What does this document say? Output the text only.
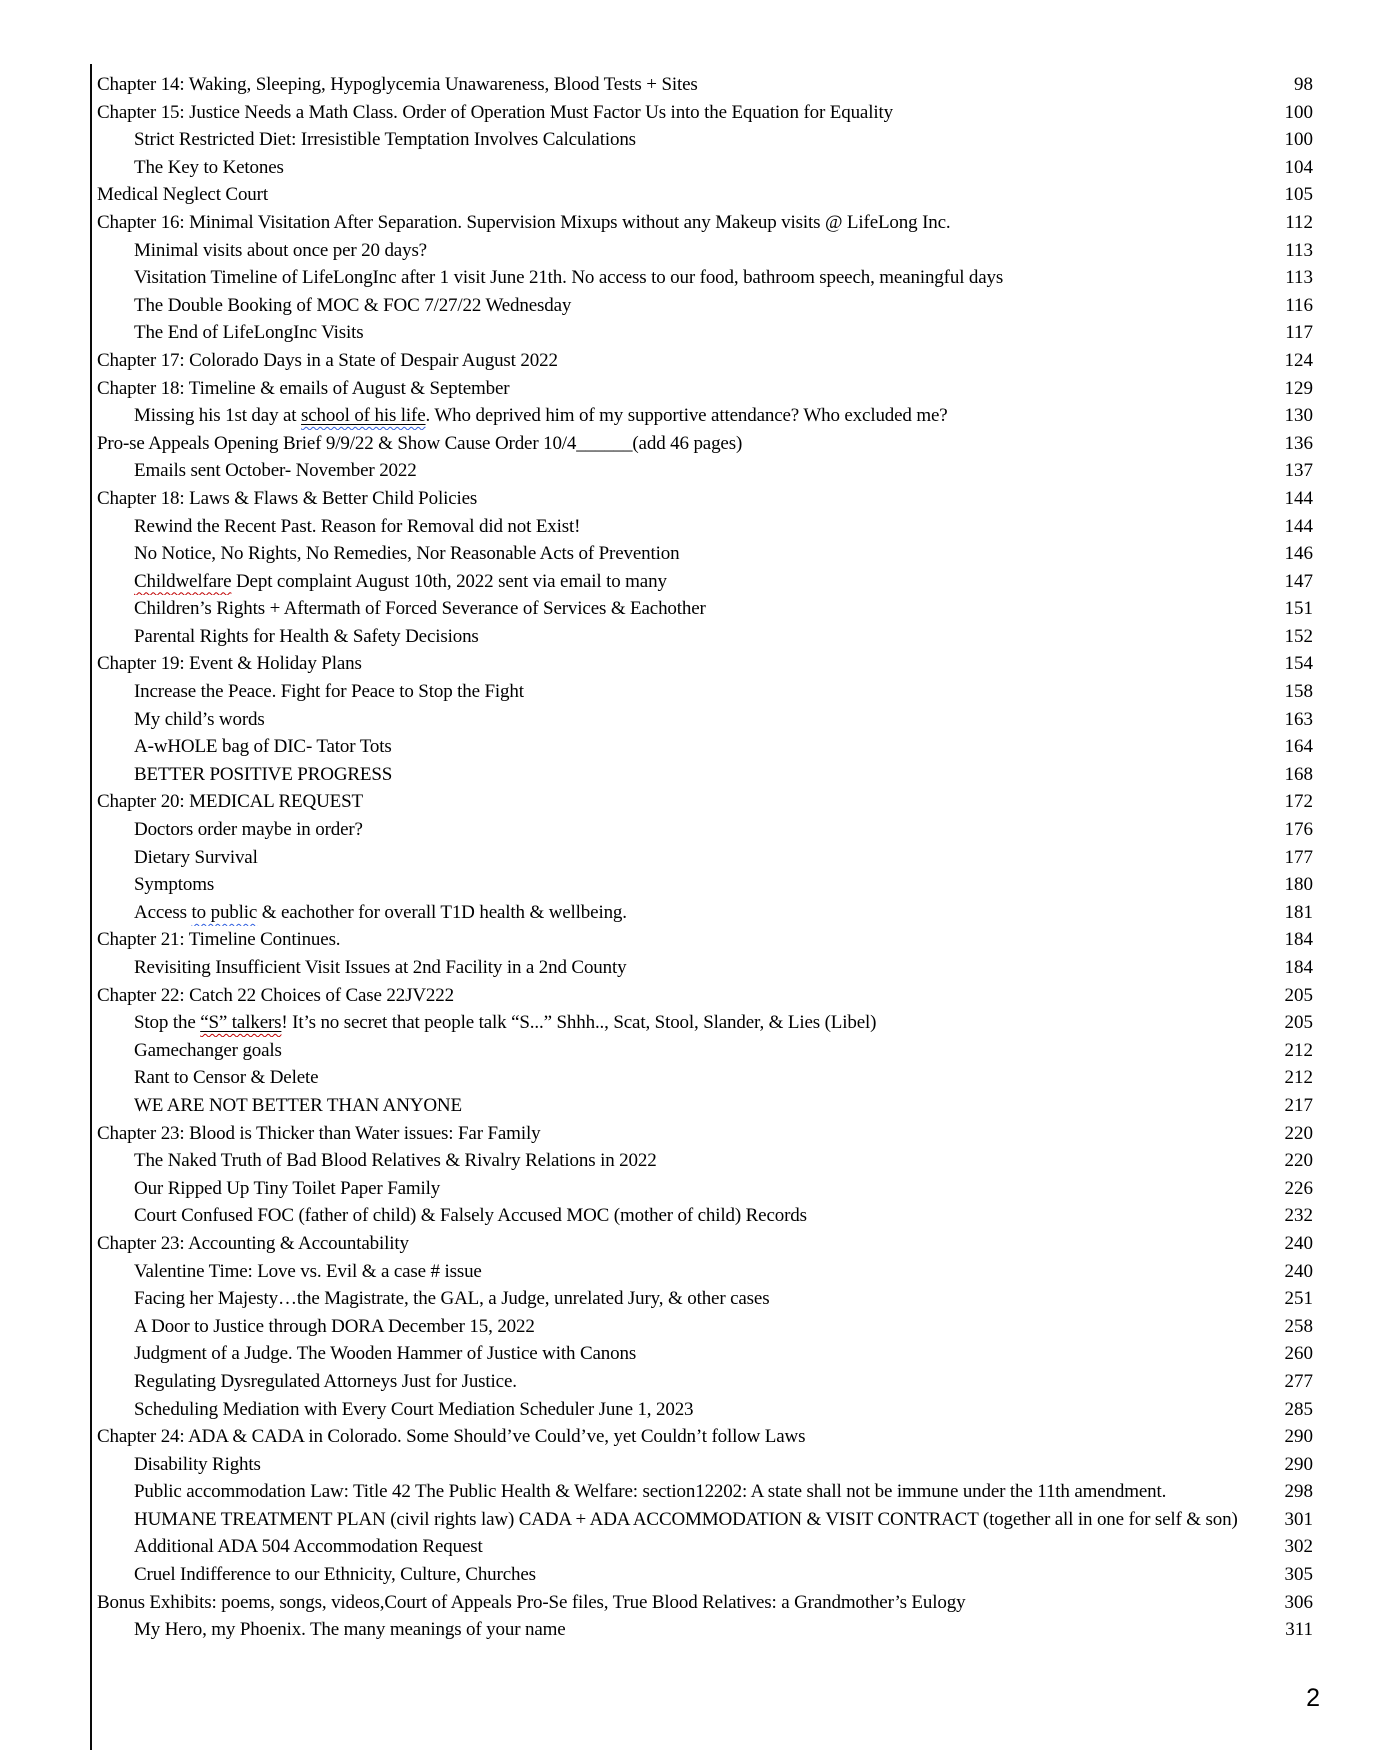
Chapter 14: Waking, Sleeping, Hypoglycemia Unawareness, Blood Tests + Sites	98
Chapter 15: Justice Needs a Math Class. Order of Operation Must Factor Us into the Equation for Equality	100
Strict Restricted Diet: Irresistible Temptation Involves Calculations	100
The Key to Ketones	104
Medical Neglect Court	105
Chapter 16: Minimal Visitation After Separation. Supervision Mixups without any Makeup visits @ LifeLong Inc.	112
Minimal visits about once per 20 days?	113
Visitation Timeline of LifeLongInc after 1 visit June 21th. No access to our food, bathroom speech, meaningful days	113
The Double Booking of MOC & FOC 7/27/22 Wednesday	116
The End of LifeLongInc Visits	117
Chapter 17: Colorado Days in a State of Despair August 2022	124
Chapter 18: Timeline & emails of August & September	129
Missing his 1st day at school of his life. Who deprived him of my supportive attendance? Who excluded me?	130
Pro-se Appeals Opening Brief 9/9/22 & Show Cause Order 10/4______(add 46 pages)	136
Emails sent October- November 2022	137
Chapter 18: Laws & Flaws & Better Child Policies	144
Rewind the Recent Past. Reason for Removal did not Exist!	144
No Notice, No Rights, No Remedies, Nor Reasonable Acts of Prevention	146
Childwelfare Dept complaint August 10th, 2022 sent via email to many	147
Children’s Rights + Aftermath of Forced Severance of Services & Eachother	151
Parental Rights for Health & Safety Decisions	152
Chapter 19: Event & Holiday Plans	154
Increase the Peace. Fight for Peace to Stop the Fight	158
My child’s words	163
A-wHOLE bag of DIC- Tator Tots	164
BETTER POSITIVE PROGRESS	168
Chapter 20: MEDICAL REQUEST	172
Doctors order maybe in order?	176
Dietary Survival	177
Symptoms	180
Access to public & eachother for overall T1D health & wellbeing.	181
Chapter 21: Timeline Continues.	184
Revisiting Insufficient Visit Issues at 2nd Facility in a 2nd County	184
Chapter 22: Catch 22 Choices of Case 22JV222	205
Stop the “S” talkers! It’s no secret that people talk “S...” Shhh.., Scat, Stool, Slander, & Lies (Libel)	205
Gamechanger goals	212
Rant to Censor & Delete	212
WE ARE NOT BETTER THAN ANYONE	217
Chapter 23: Blood is Thicker than Water issues: Far Family	220
The Naked Truth of Bad Blood Relatives & Rivalry Relations in 2022	220
Our Ripped Up Tiny Toilet Paper Family	226
Court Confused FOC (father of child) & Falsely Accused MOC (mother of child) Records	232
Chapter 23: Accounting & Accountability	240
Valentine Time: Love vs. Evil & a case # issue	240
Facing her Majesty…the Magistrate, the GAL, a Judge, unrelated Jury, & other cases	251
A Door to Justice through DORA December 15, 2022	258
Judgment of a Judge. The Wooden Hammer of Justice with Canons	260
Regulating Dysregulated Attorneys Just for Justice.	277
Scheduling Mediation with Every Court Mediation Scheduler June 1, 2023	285
Chapter 24: ADA & CADA in Colorado. Some Should’ve Could’ve, yet Couldn’t follow Laws	290
Disability Rights	290
Public accommodation Law: Title 42 The Public Health & Welfare: section12202: A state shall not be immune under the 11th amendment.	298
HUMANE TREATMENT PLAN (civil rights law) CADA + ADA ACCOMMODATION & VISIT CONTRACT (together all in one for self & son)	301
Additional ADA 504 Accommodation Request	302
Cruel Indifference to our Ethnicity, Culture, Churches	305
Bonus Exhibits: poems, songs, videos,Court of Appeals Pro-Se files, True Blood Relatives: a Grandmother’s Eulogy	306
My Hero, my Phoenix. The many meanings of your name	311
2
